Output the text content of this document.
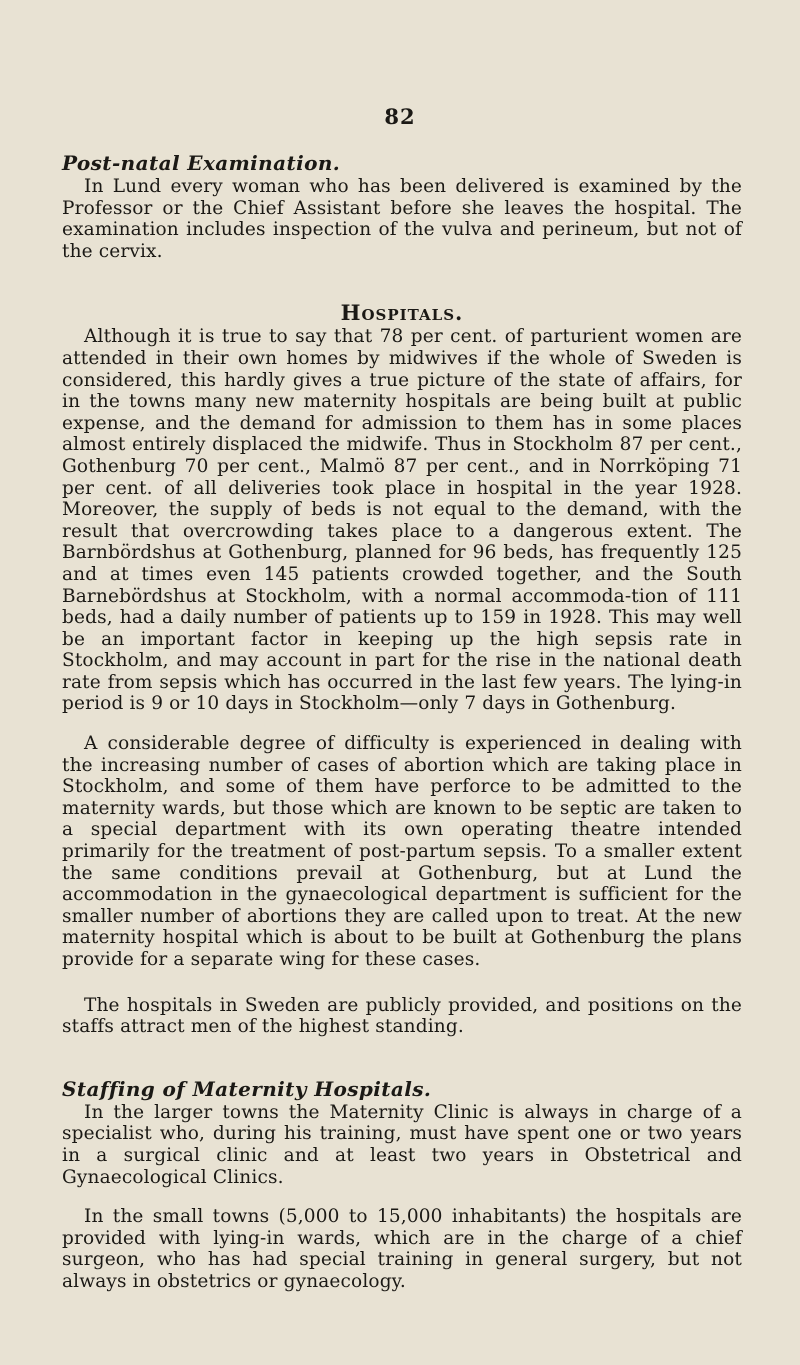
82
Post-natal Examination.

In Lund every woman who has been delivered is examined by the Professor or the Chief Assistant before she leaves the hospital. The examination includes inspection of the vulva and perineum, but not of the cervix.

Hospitals.

Although it is true to say that 78 per cent. of parturient women are attended in their own homes by midwives if the whole of Sweden is considered, this hardly gives a true picture of the state of affairs, for in the towns many new maternity hospitals are being built at public expense, and the demand for admission to them has in some places almost entirely displaced the midwife. Thus in Stockholm 87 per cent., Gothenburg 70 per cent., Malmö 87 per cent., and in Norrköping 71 per cent. of all deliveries took place in hospital in the year 1928. Moreover, the supply of beds is not equal to the demand, with the result that overcrowding takes place to a dangerous extent. The Barnbördshus at Gothenburg, planned for 96 beds, has frequently 125 and at times even 145 patients crowded together, and the South Barnebördshus at Stockholm, with a normal accommoda-tion of 111 beds, had a daily number of patients up to 159 in 1928. This may well be an important factor in keeping up the high sepsis rate in Stockholm, and may account in part for the rise in the national death rate from sepsis which has occurred in the last few years. The lying-in period is 9 or 10 days in Stockholm—only 7 days in Gothenburg.

A considerable degree of difficulty is experienced in dealing with the increasing number of cases of abortion which are taking place in Stockholm, and some of them have perforce to be admitted to the maternity wards, but those which are known to be septic are taken to a special department with its own operating theatre intended primarily for the treatment of post-partum sepsis. To a smaller extent the same conditions prevail at Gothenburg, but at Lund the accommodation in the gynaecological department is sufficient for the smaller number of abortions they are called upon to treat. At the new maternity hospital which is about to be built at Gothenburg the plans provide for a separate wing for these cases.

The hospitals in Sweden are publicly provided, and positions on the staffs attract men of the highest standing.

Staffing of Maternity Hospitals.

In the larger towns the Maternity Clinic is always in charge of a specialist who, during his training, must have spent one or two years in a surgical clinic and at least two years in Obstetrical and Gynaecological Clinics.

In the small towns (5,000 to 15,000 inhabitants) the hospitals are provided with lying-in wards, which are in the charge of a chief surgeon, who has had special training in general surgery, but not always in obstetrics or gynaecology.
